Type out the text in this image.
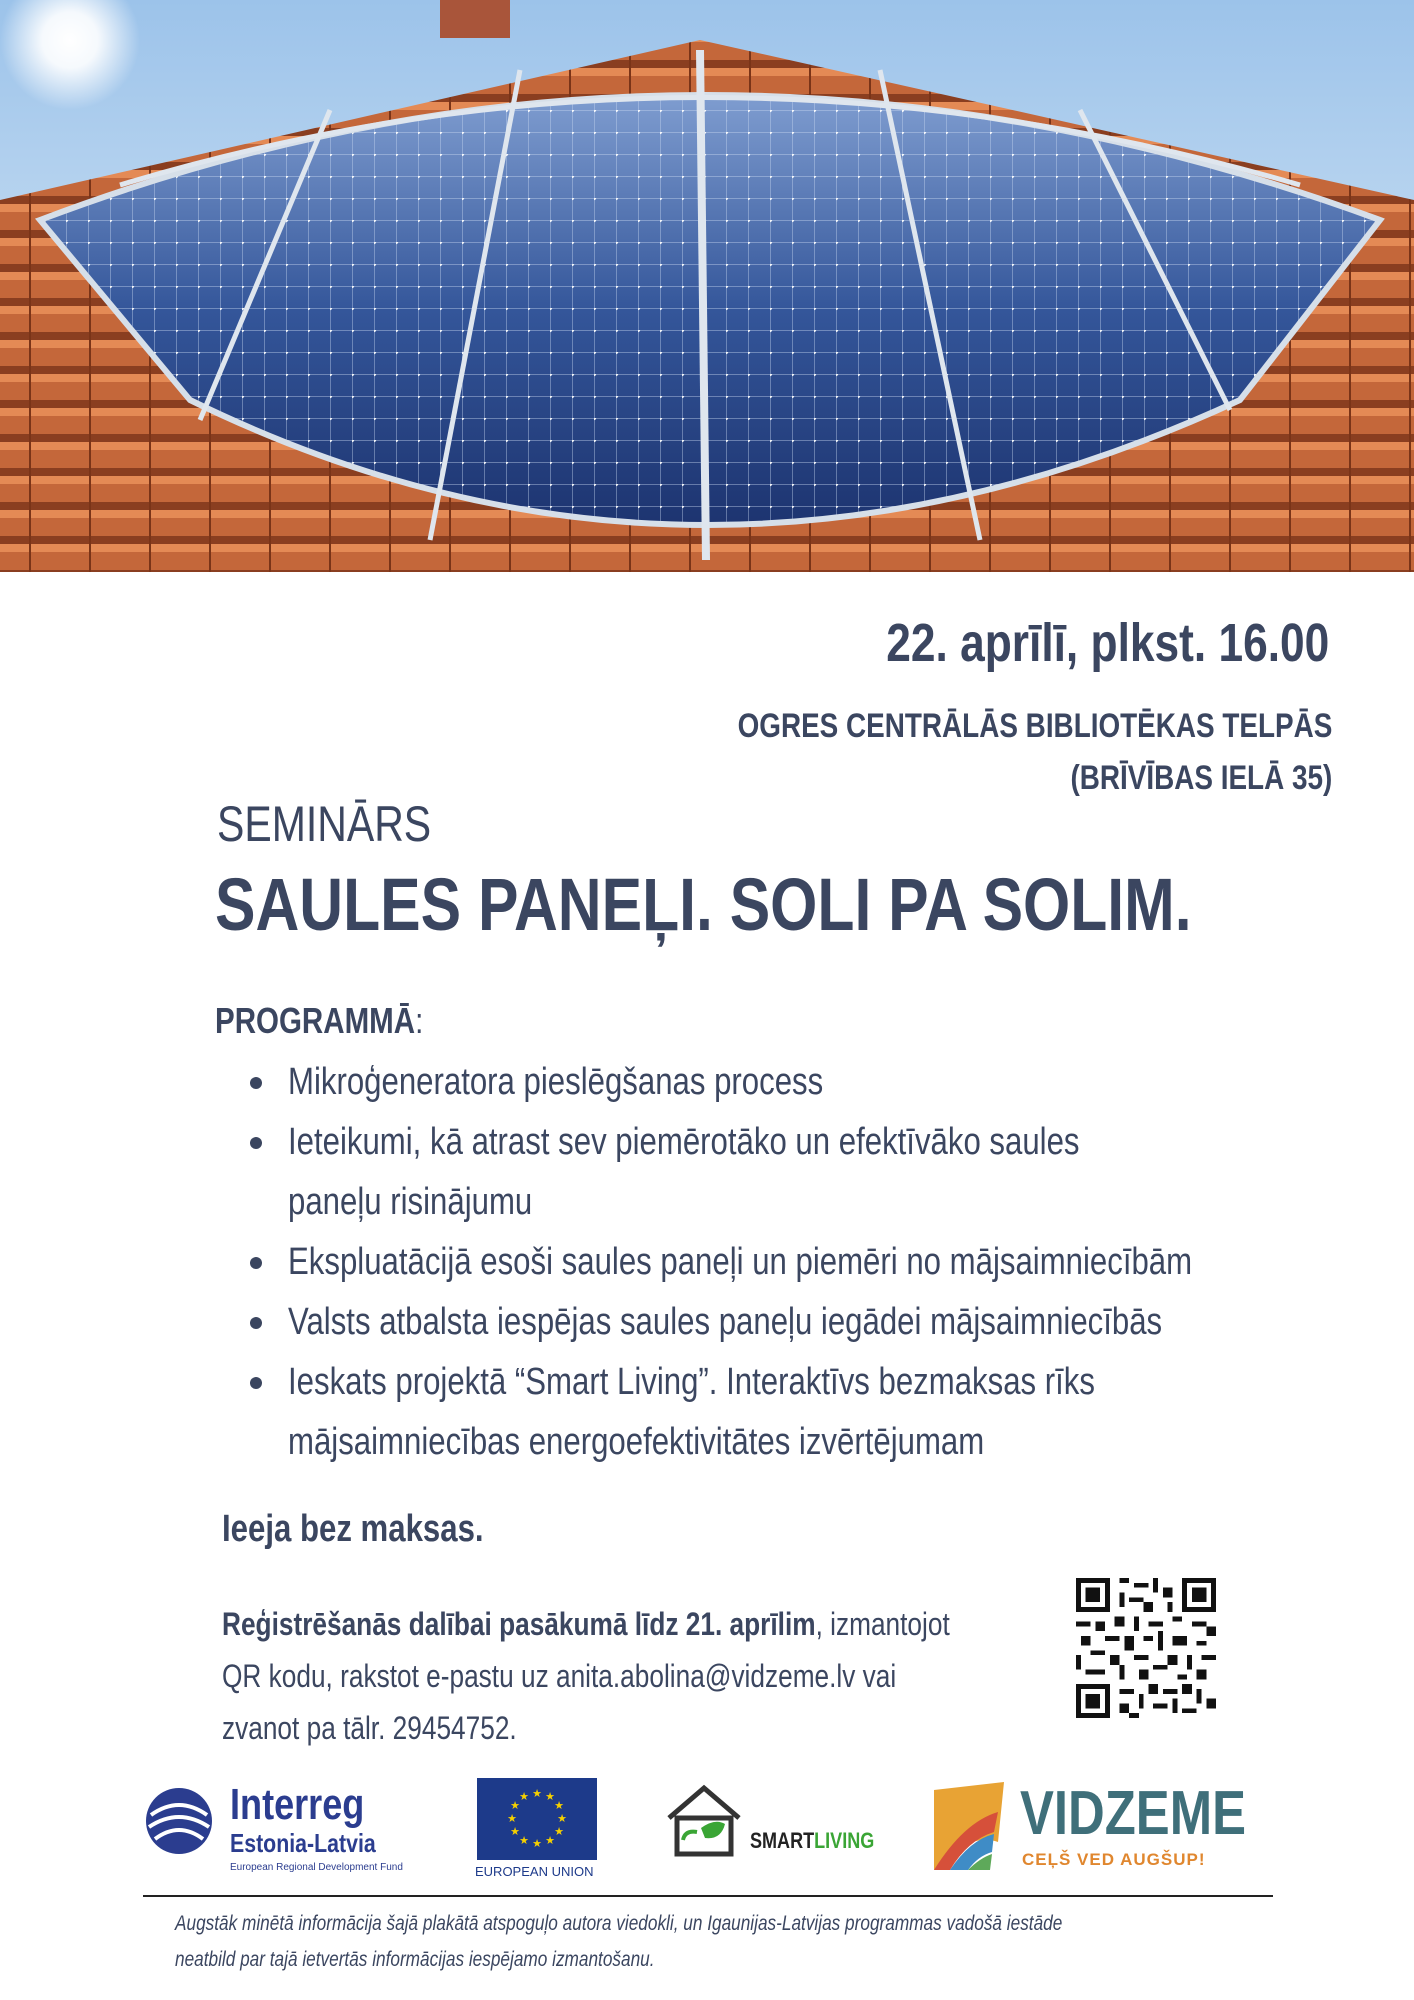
22. aprīlī, plkst. 16.00
OGRES CENTRĀLĀS BIBLIOTĒKAS TELPĀS
(BRĪVĪBAS IELĀ 35)
SEMINĀRS
SAULES PANEĻI. SOLI PA SOLIM.
PROGRAMMĀ:
Mikroģeneratora pieslēgšanas process
Ieteikumi, kā atrast sev piemērotāko un efektīvāko saules paneļu risinājumu
Ekspluatācijā esoši saules paneļi un piemēri no mājsaimniecībām
Valsts atbalsta iespējas saules paneļu iegādei mājsaimniecībās
Ieskats projektā “Smart Living”. Interaktīvs bezmaksas rīks mājsaimniecības energoefektivitātes izvērtējumam
Ieeja bez maksas.
Reģistrēšanās dalībai pasākumā līdz 21. aprīlim, izmantojot
QR kodu, rakstot e-pastu uz anita.abolina@vidzeme.lv vai
zvanot pa tālr. 29454752.
Interreg
Estonia-Latvia
European Regional Development Fund
★ ★
★
★
★
★
★
★
★
★
★
★
EUROPEAN UNION
SMARTLIVING	VIDZEME
CEĻŠ VED AUGŠUP!
Augstāk minētā informācija šajā plakātā atspoguļo autora viedokli, un Igaunijas-Latvijas programmas vadošā iestāde
neatbild par tajā ietvertās informācijas iespējamo izmantošanu.
